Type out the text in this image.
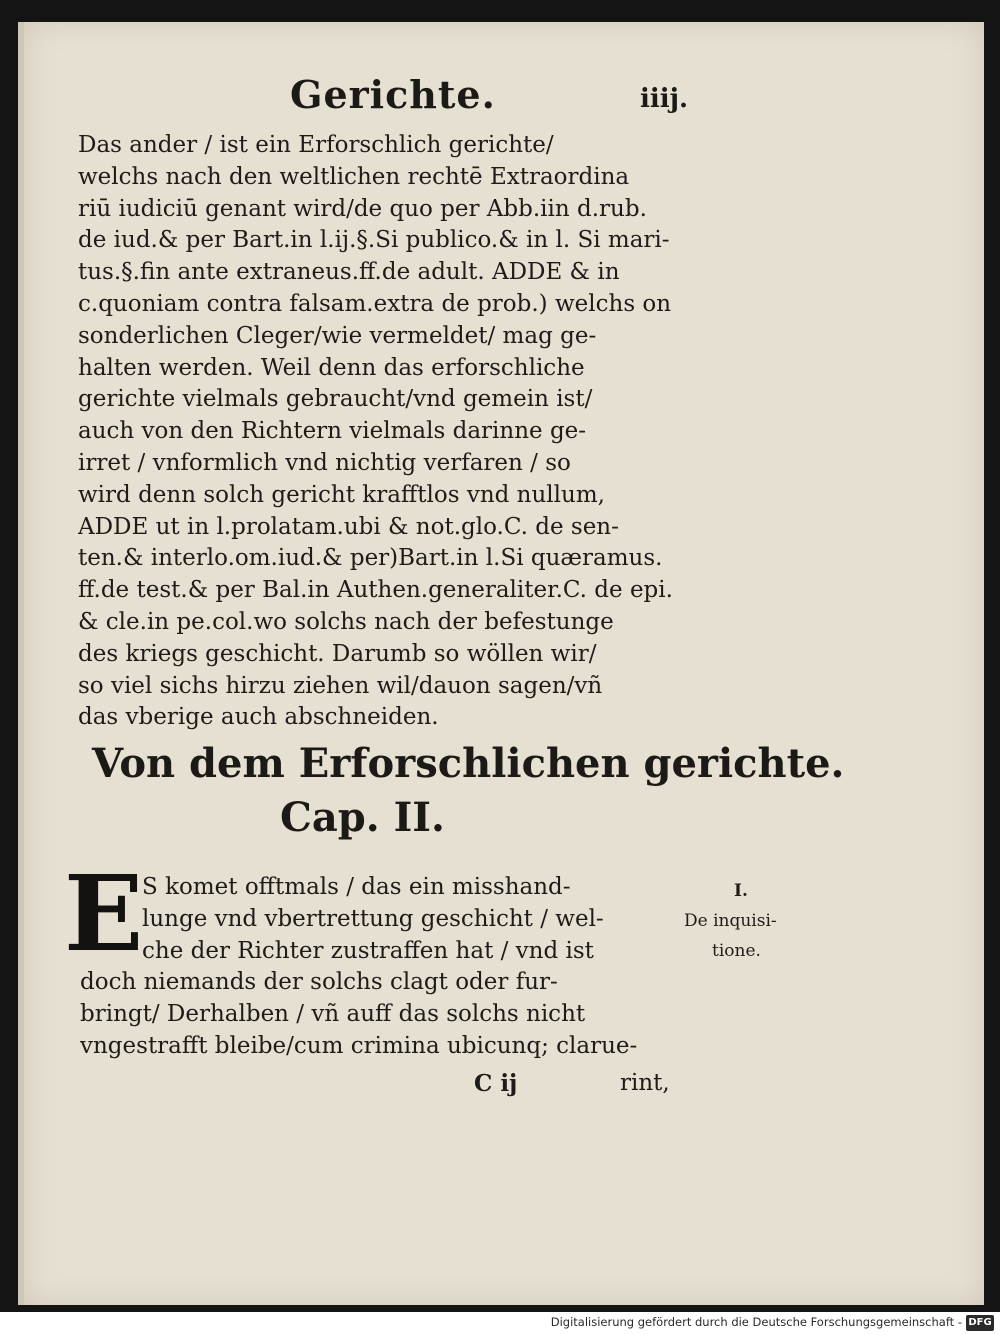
Gerichte.	iiij.
Das ander / ist ein Erforschlich gerichte/
welchs nach den weltlichen rechtē Extraordina
riū iudiciū genant wird/de quo per Abb.iin d.rub.
de iud.& per Bart.in l.ij.§.Si publico.& in l. Si mari-
tus.§.fin ante extraneus.ff.de adult. ADDE & in
c.quoniam contra falsam.extra de prob.) welchs on
sonderlichen Cleger/wie vermeldet/ mag ge-
halten werden. Weil denn das erforschliche
gerichte vielmals gebraucht/vnd gemein ist/
auch von den Richtern vielmals darinne ge-
irret / vnformlich vnd nichtig verfaren / so
wird denn solch gericht krafftlos vnd nullum,
ADDE ut in l.prolatam.ubi & not.glo.C. de sen-
ten.& interlo.om.iud.& per)Bart.in l.Si quæramus.
ff.de test.& per Bal.in Authen.generaliter.C. de epi.
& cle.in pe.col.wo solchs nach der befestunge
des kriegs geschicht. Darumb so wöllen wir/
so viel sichs hirzu ziehen wil/dauon sagen/vñ
das vberige auch abschneiden.
Von dem Erforschlichen gerichte.
Cap. II.
E
S komet offtmals / das ein misshand-
lunge vnd vbertrettung geschicht / wel-
che der Richter zustraffen hat / vnd ist
doch niemands der solchs clagt oder fur-
bringt/ Derhalben / vñ auff das solchs nicht
vngestrafft bleibe/cum crimina ubicunq; clarue-
C ij	rint,
I.
De inquisi-
tione.
Digitalisierung gefördert durch die Deutsche Forschungsgemeinschaft - DFG
